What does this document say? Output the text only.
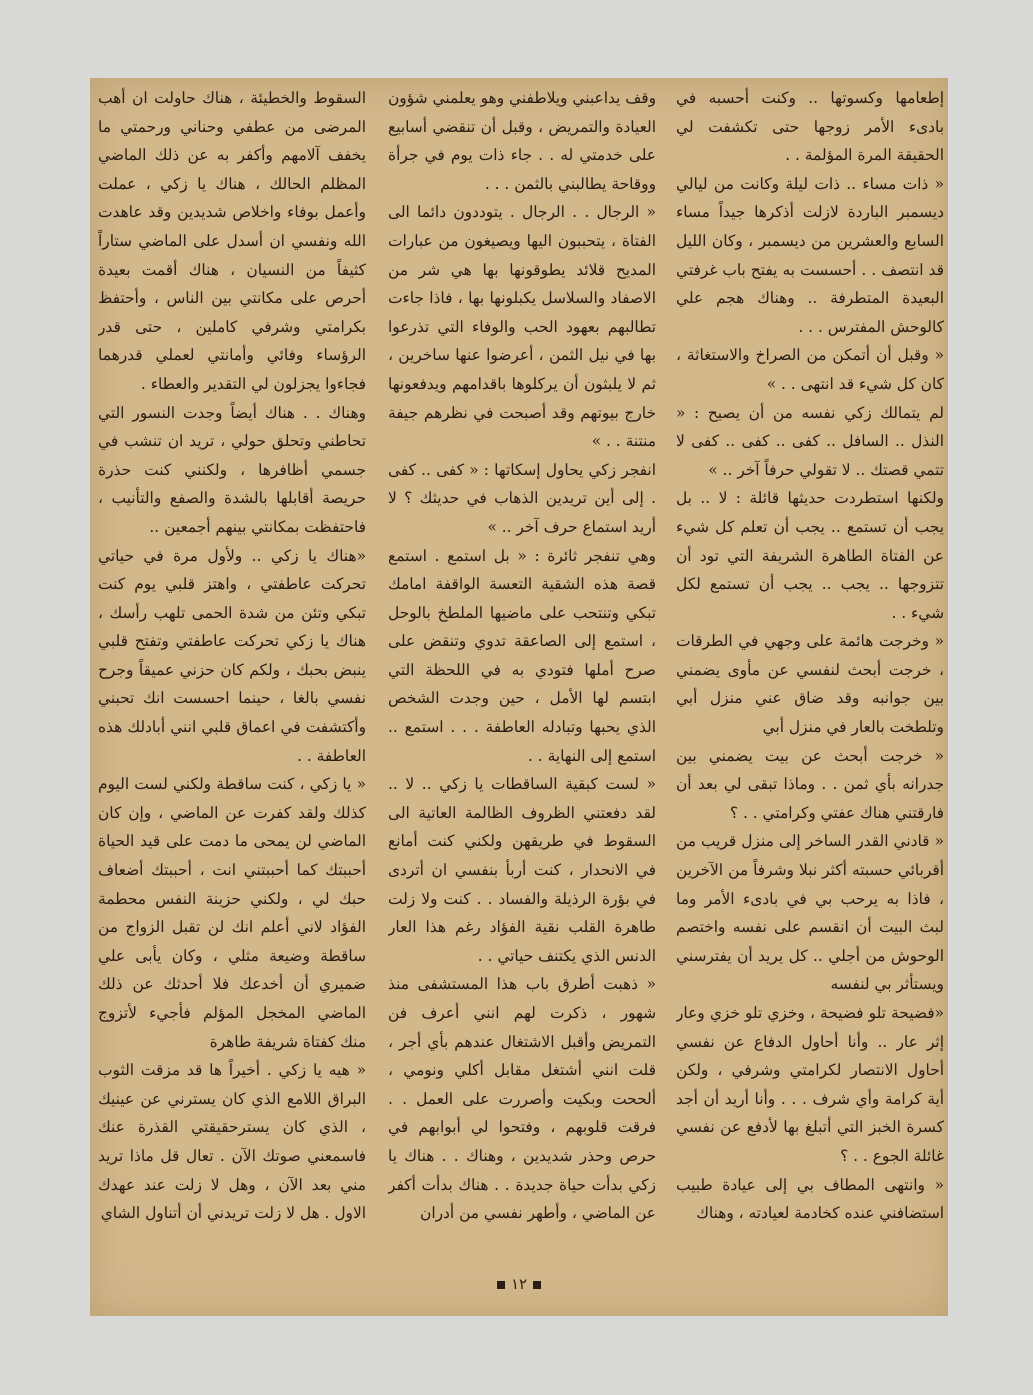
إطعامها وكسوتها .. وكنت أحسبه في بادىء الأمر زوجها حتى تكشفت لي الحقيقة المرة المؤلمة . .

« ذات مساء .. ذات ليلة وكانت من ليالي ديسمبر الباردة لازلت أذكرها جيداً مساء السابع والعشرين من ديسمبر ، وكان الليل قد انتصف . . أحسست به يفتح باب غرفتي البعيدة المتطرفة .. وهناك هجم علي كالوحش المفترس . . .

« وقبل أن أتمكن من الصراخ والاستغاثة ، كان كل شيء قد انتهى . . »

لم يتمالك زكي نفسه من أن يصيح : « النذل .. السافل .. كفى .. كفى .. كفى لا تتمي قصتك .. لا تقولي حرفاً آخر .. »

ولكنها استطردت حديثها قائلة : لا .. بل يجب أن تستمع .. يجب أن تعلم كل شيء عن الفتاة الطاهرة الشريفة التي تود أن تتزوجها .. يجب .. يجب أن تستمع لكل شيء . .

« وخرجت هائمة على وجهي في الطرقات ، خرجت أبحث لنفسي عن مأوى يضمني بين جوانبه وقد ضاق عني منزل أبي وتلطخت بالعار في منزل أبي

« خرجت أبحث عن بيت يضمني بين جدرانه بأي ثمن . . وماذا تبقى لي بعد أن فارقتني هناك عفتي وكرامتي . . ؟

« قادني القدر الساخر إلى منزل قريب من أقربائي حسبته أكثر نبلا وشرفاً من الآخرين ، فاذا به يرحب بي في بادىء الأمر وما لبث البيت أن انقسم على نفسه واختصم الوحوش من أجلي .. كل يريد أن يفترسني ويستأثر بي لنفسه

«فضيحة تلو فضيحة ، وخزي تلو خزي وعار إثر عار .. وأنا أحاول الدفاع عن نفسي أحاول الانتصار لكرامتي وشرفي ، ولكن أية كرامة وأي شرف . . . وأنا أريد أن أجد كسرة الخبز التي أتبلغ بها لأدفع عن نفسي غائلة الجوع . . ؟

« وانتهى المطاف بي إلى عيادة طبيب استضافني عنده كخادمة لعيادته ، وهناك

وقف يداعبني ويلاطفني وهو يعلمني شؤون العيادة والتمريض ، وقبل أن تنقضي أسابيع على خدمتي له . . جاء ذات يوم في جرأة ووقاحة يطالبني بالثمن . . .

« الرجال . . الرجال . يتوددون دائما الى الفتاة ، يتحببون اليها ويصيغون من عبارات المديح قلائد يطوقونها بها هي شر من الاصفاد والسلاسل يكبلونها بها ، فاذا جاءت تطالبهم بعهود الحب والوفاء التي تذرعوا بها في نيل الثمن ، أعرضوا عنها ساخرين ، ثم لا يلبثون أن يركلوها باقدامهم ويدفعونها خارج بيوتهم وقد أصبحت في نظرهم جيفة منتنة . . »

انفجر زكي يحاول إسكاتها : « كفى .. كفى . إلى أين تريدين الذهاب في حديثك ؟ لا أريد استماع حرف آخر .. »

وهي تنفجر ثائرة : « بل استمع . استمع قصة هذه الشقية التعسة الواقفة امامك تبكي وتنتحب على ماضيها الملطخ بالوحل ، استمع إلى الصاعقة تدوي وتنقض على صرح أملها فتودي به في اللحظة التي ابتسم لها الأمل ، حين وجدت الشخص الذي يحبها وتبادله العاطفة . . . استمع .. استمع إلى النهاية . .

« لست كبقية الساقطات يا زكي .. لا .. لقد دفعتني الظروف الظالمة العاتية الى السقوط في طريقهن ولكني كنت أمانع في الانحدار ، كنت أربأ بنفسي ان أتردى في بؤرة الرذيلة والفساد . . كنت ولا زلت طاهرة القلب نقية الفؤاد رغم هذا العار الدنس الذي يكتنف حياتي . .

« ذهبت أطرق باب هذا المستشفى منذ شهور ، ذكرت لهم انني أعرف فن التمريض وأقبل الاشتغال عندهم بأي أجر ، قلت انني أشتغل مقابل أكلي ونومي ، ألححت وبكيت وأصررت على العمل . . فرقت قلوبهم ، وفتحوا لي أبوابهم في حرص وحذر شديدين ، وهناك . . هناك يا زكي بدأت حياة جديدة . . هناك بدأت أكفر عن الماضي ، وأطهر نفسي من أدران

السقوط والخطيئة ، هناك حاولت ان أهب المرضى من عطفي وحناني ورحمتي ما يخفف آلامهم وأكفر به عن ذلك الماضي المظلم الحالك ، هناك يا زكي ، عملت وأعمل بوفاء واخلاص شديدين وقد عاهدت الله ونفسي ان أسدل على الماضي ستاراً كثيفاً من النسيان ، هناك أقمت بعيدة أحرص على مكانتي بين الناس ، وأحتفظ بكرامتي وشرفي كاملين ، حتى قدر الرؤساء وفائي وأمانتي لعملي قدرهما فجاءوا يجزلون لي التقدير والعطاء .

وهناك . . هناك أيضاً وجدت النسور التي تحاطني وتحلق حولي ، تريد ان تنشب في جسمي أظافرها ، ولكنني كنت حذرة حريصة أقابلها بالشدة والصفع والتأنيب ، فاحتفظت بمكانتي بينهم أجمعين ..

«هناك يا زكي .. ولأول مرة في حياتي تحركت عاطفتي ، واهتز قلبي يوم كنت تبكي وتئن من شدة الحمى تلهب رأسك ، هناك يا زكي تحركت عاطفتي وتفتح قلبي ينبض بحبك ، ولكم كان حزني عميقاً وجرح نفسي بالغا ، حينما احسست انك تحبني وأكتشفت في اعماق قلبي انني أبادلك هذه العاطفة . .

« يا زكي ، كنت ساقطة ولكني لست اليوم كذلك ولقد كفرت عن الماضي ، وإن كان الماضي لن يمحى ما دمت على قيد الحياة أحببتك كما أحببتني انت ، أحببتك أضعاف حبك لي ، ولكني حزينة النفس محطمة الفؤاد لاني أعلم انك لن تقبل الزواج من ساقطة وضيعة مثلي ، وكان يأبى علي ضميري أن أخدعك فلا أحدثك عن ذلك الماضي المخجل المؤلم فأجيء لأتزوج منك كفتاة شريفة طاهرة

« هيه يا زكي . أخيراً ها قد مزقت الثوب البراق اللامع الذي كان يسترني عن عينيك ، الذي كان يسترحقيقتي القذرة عنك فاسمعني صوتك الآن . تعال قل ماذا تريد مني بعد الآن ، وهل لا زلت عند عهدك الاول . هل لا زلت تريدني أن أتناول الشاي

١٢
